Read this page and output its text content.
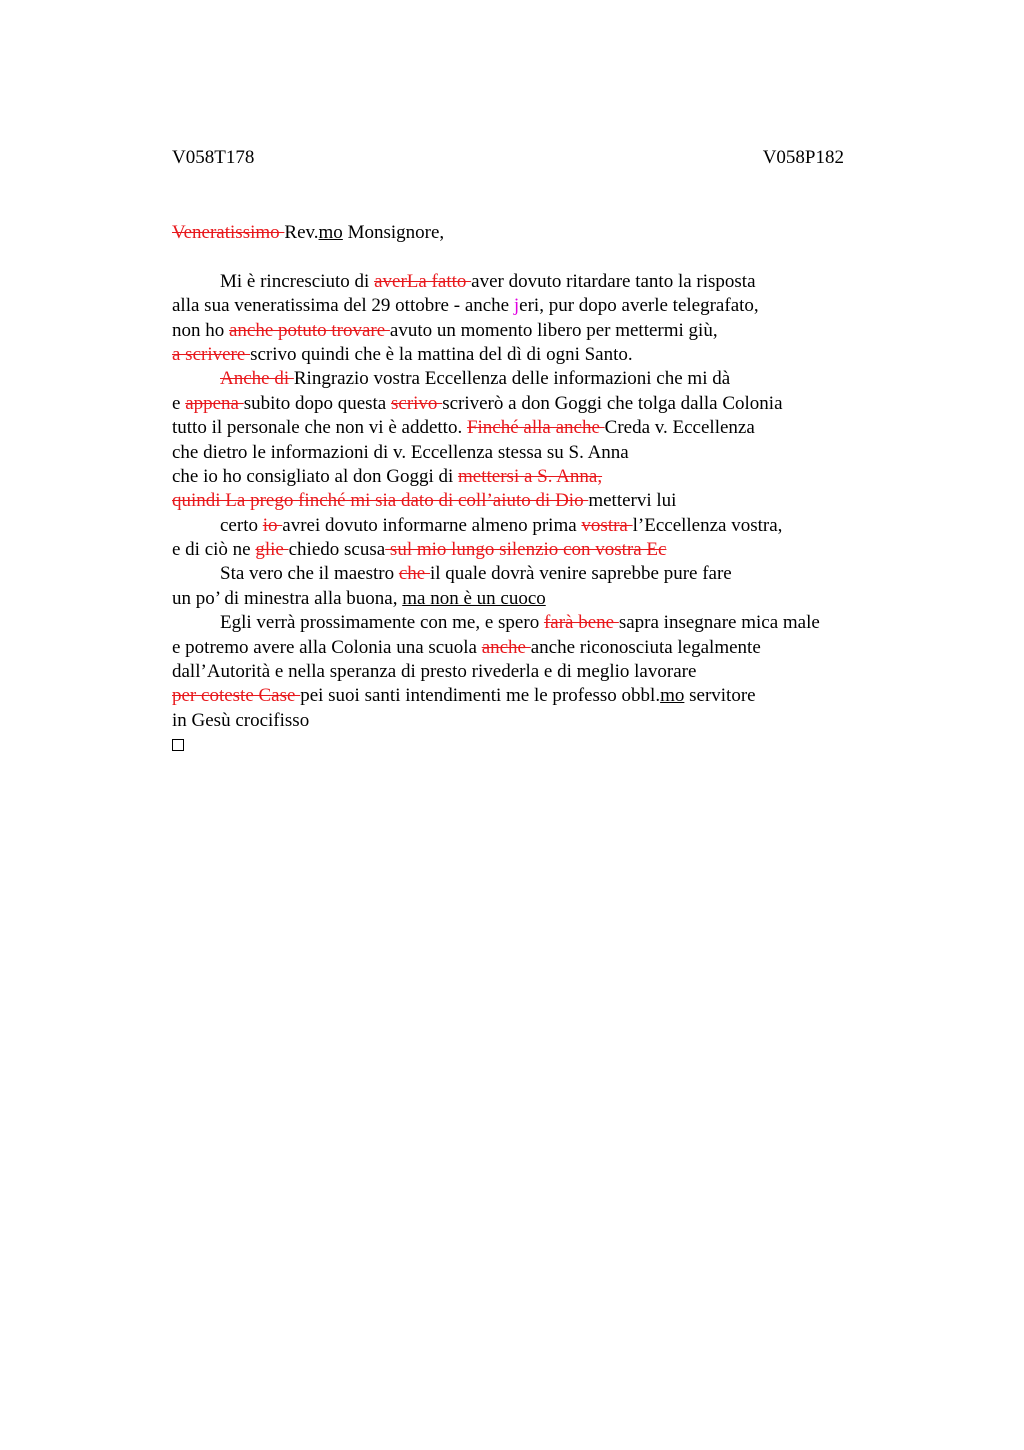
V058T178	V058P182
Veneratissimo Rev.mo Monsignore,
Mi è rincresciuto di averLa fatto aver dovuto ritardare tanto la risposta
alla sua veneratissima del 29 ottobre - anche jeri, pur dopo averle telegrafato,
non ho anche potuto trovare avuto un momento libero per mettermi giù,
a scrivere scrivo quindi che è la mattina del dì di ogni Santo.
Anche di Ringrazio vostra Eccellenza delle informazioni che mi dà
e appena subito dopo questa scrivo scriverò a don Goggi che tolga dalla Colonia
tutto il personale che non vi è addetto. Finché alla anche Creda v. Eccellenza
che dietro le informazioni di v. Eccellenza stessa su S. Anna
che io ho consigliato al don Goggi di mettersi a S. Anna,
quindi La prego finché mi sia dato di coll’aiuto di Dio mettervi lui
certo io avrei dovuto informarne almeno prima vostra l’Eccellenza vostra,
e di ciò ne glie chiedo scusa sul mio lungo silenzio con vostra Ec
Sta vero che il maestro che il quale dovrà venire saprebbe pure fare
un po’ di minestra alla buona, ma non è un cuoco
Egli verrà prossimamente con me, e spero farà bene sapra insegnare mica male
e potremo avere alla Colonia una scuola anche anche riconosciuta legalmente
dall’Autorità e nella speranza di presto rivederla e di meglio lavorare
per coteste Case pei suoi santi intendimenti me le professo obbl.mo servitore
in Gesù crocifisso
